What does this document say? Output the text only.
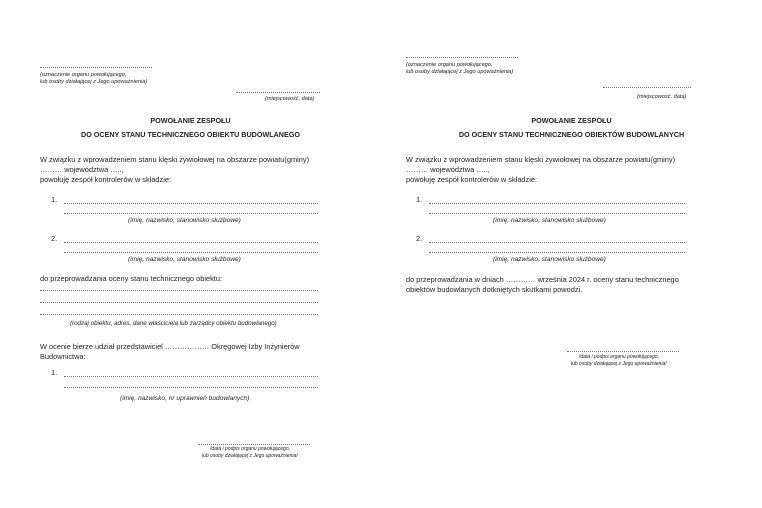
(oznaczenie organu powołującego,
lub osoby działającej z Jego upoważnienia)
(miejscowość, data)
POWOŁANIE ZESPOŁU
DO OCENY STANU TECHNICZNEGO OBIEKTU BUDOWLANEGO
W związku z wprowadzeniem stanu klęski żywiołowej na obszarze powiatu(gminy)
……… województwa …..,
powołuję zespół kontrolerów w składzie:
1.
(imię, nazwisko, stanowisko służbowe)
2.
(imię, nazwisko, stanowisko służbowe)
do przeprowadzania oceny stanu technicznego obiektu:
(rodzaj obiektu, adres, dane właściciela lub zarządcy obiektu budowlanego)
W ocenie bierze udział przedstawiciel ……………… Okręgowej Izby Inżynierów
Budownictwa:
1.
(imię, nazwisko, nr uprawnień budowlanych)
/data i podpis organu powołującego,
lub osoby działającej z Jego upoważnienia/
(oznaczenie organu powołującego,
lub osoby działającej z Jego upoważnienia)
(miejscowość, data)
POWOŁANIE ZESPOŁU
DO OCENY STANU TECHNICZNEGO OBIEKTÓW BUDOWLANYCH
W związku z wprowadzeniem stanu klęski żywiołowej na obszarze powiatu(gminy)
……… województwa …..,
powołuję zespół kontrolerów w składzie:
1.
(imię, nazwisko, stanowisko służbowe)
2.
(imię, nazwisko, stanowisko służbowe)
do przeprowadzania w dniach ………… września 2024 r. oceny stanu technicznego
obiektów budowlanych dotkniętych skutkami powodzi.
/data i podpis organu powołującego,
lub osoby działającej z Jego upoważnienia/
